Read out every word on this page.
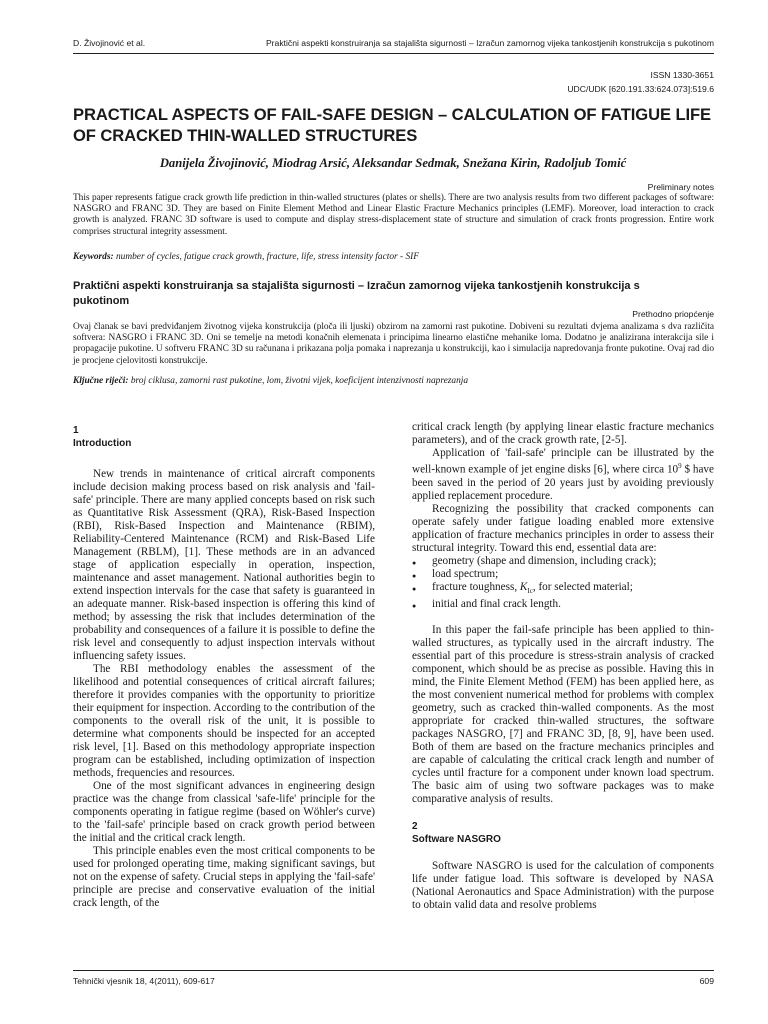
D. Živojinović et al.	Praktični aspekti konstruiranja sa stajališta sigurnosti – Izračun zamornog vijeka tankostjenih konstrukcija s pukotinom
ISSN 1330-3651
UDC/UDK [620.191.33:624.073]:519.6
PRACTICAL ASPECTS OF FAIL-SAFE DESIGN – CALCULATION OF FATIGUE LIFE OF CRACKED THIN-WALLED STRUCTURES
Danijela Živojinović, Miodrag Arsić, Aleksandar Sedmak, Snežana Kirin, Radoljub Tomić
Preliminary notes

This paper represents fatigue crack growth life prediction in thin-walled structures (plates or shells). There are two analysis results from two different packages of software: NASGRO and FRANC 3D. They are based on Finite Element Method and Linear Elastic Fracture Mechanics principles (LEMF). Moreover, load interaction to crack growth is analyzed. FRANC 3D software is used to compute and display stress-displacement state of structure and simulation of crack fronts progression. Entire work comprises structural integrity assessment.

Keywords: number of cycles, fatigue crack growth, fracture, life, stress intensity factor - SIF
Praktični aspekti konstruiranja sa stajališta sigurnosti – Izračun zamornog vijeka tankostjenih konstrukcija s pukotinom
Prethodno priopćenje

Ovaj članak se bavi predviđanjem životnog vijeka konstrukcija (ploča ili ljuski) obzirom na zamorni rast pukotine. Dobiveni su rezultati dvjema analizama s dva različita softvera: NASGRO i FRANC 3D. Oni se temelje na metodi konačnih elemenata i principima linearno elastične mehanike loma. Dodatno je analizirana interakcija sile i propagacije pukotine. U softveru FRANC 3D su računana i prikazana polja pomaka i naprezanja u konstrukciji, kao i simulacija napredovanja fronte pukotine. Ovaj rad dio je procjene cjelovitosti konstrukcije.

Ključne riječi: broj ciklusa, zamorni rast pukotine, lom, životni vijek, koeficijent intenzivnosti naprezanja
1
Introduction

New trends in maintenance of critical aircraft components include decision making process based on risk analysis and 'fail-safe' principle. There are many applied concepts based on risk such as Quantitative Risk Assessment (QRA), Risk-Based Inspection (RBI), Risk-Based Inspection and Maintenance (RBIM), Reliability-Centered Maintenance (RCM) and Risk-Based Life Management (RBLM), [1]. These methods are in an advanced stage of application especially in operation, inspection, maintenance and asset management. National authorities begin to extend inspection intervals for the case that safety is guaranteed in an adequate manner. Risk-based inspection is offering this kind of method; by assessing the risk that includes determination of the probability and consequences of a failure it is possible to define the risk level and consequently to adjust inspection intervals without influencing safety issues.

The RBI methodology enables the assessment of the likelihood and potential consequences of critical aircraft failures; therefore it provides companies with the opportunity to prioritize their equipment for inspection. According to the contribution of the components to the overall risk of the unit, it is possible to determine what components should be inspected for an accepted risk level, [1]. Based on this methodology appropriate inspection program can be established, including optimization of inspection methods, frequencies and resources.

One of the most significant advances in engineering design practice was the change from classical 'safe-life' principle for the components operating in fatigue regime (based on Wöhler's curve) to the 'fail-safe' principle based on crack growth period between the initial and the critical crack length.

This principle enables even the most critical components to be used for prolonged operating time, making significant savings, but not on the expense of safety. Crucial steps in applying the 'fail-safe' principle are precise and conservative evaluation of the initial crack length, of the

critical crack length (by applying linear elastic fracture mechanics parameters), and of the crack growth rate, [2-5].

Application of 'fail-safe' principle can be illustrated by the well-known example of jet engine disks [6], where circa $10^9$ $ have been saved in the period of 20 years just by avoiding previously applied replacement procedure.

Recognizing the possibility that cracked components can operate safely under fatigue loading enabled more extensive application of fracture mechanics principles in order to assess their structural integrity. Toward this end, essential data are:

● geometry (shape and dimension, including crack);
● load spectrum;
● fracture toughness, $K_{Ic}$, for selected material;
● initial and final crack length.

In this paper the fail-safe principle has been applied to thin-walled structures, as typically used in the aircraft industry. The essential part of this procedure is stress-strain analysis of cracked component, which should be as precise as possible. Having this in mind, the Finite Element Method (FEM) has been applied here, as the most convenient numerical method for problems with complex geometry, such as cracked thin-walled components. As the most appropriate for cracked thin-walled structures, the software packages NASGRO, [7] and FRANC 3D, [8, 9], have been used. Both of them are based on the fracture mechanics principles and are capable of calculating the critical crack length and number of cycles until fracture for a component under known load spectrum. The basic aim of using two software packages was to make comparative analysis of results.

2
Software NASGRO

Software NASGRO is used for the calculation of components life under fatigue load. This software is developed by NASA (National Aeronautics and Space Administration) with the purpose to obtain valid data and resolve problems

Tehnički vjesnik 18, 4(2011), 609-617	609
